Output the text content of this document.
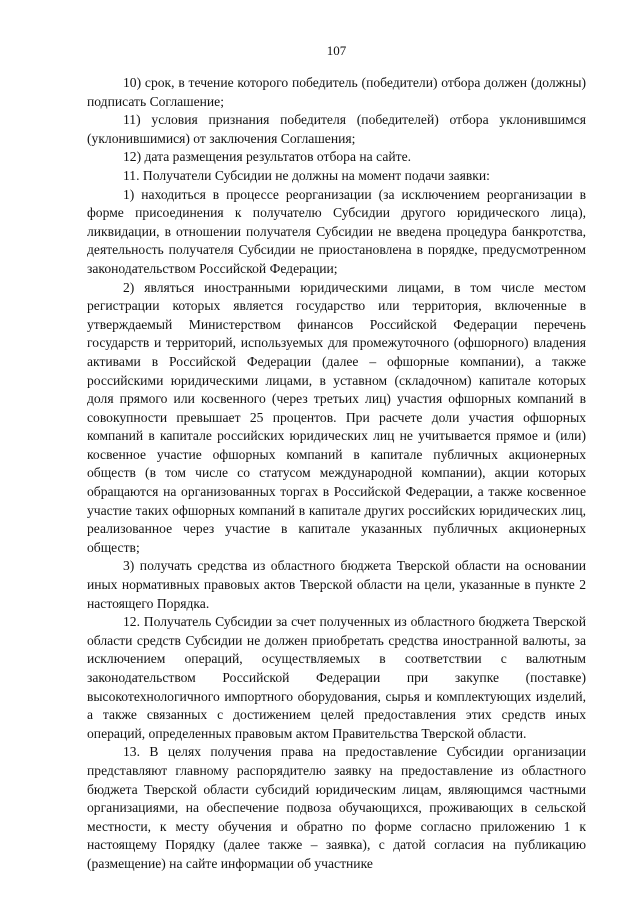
107

10) срок, в течение которого победитель (победители) отбора должен (должны) подписать Соглашение;

11) условия признания победителя (победителей) отбора уклонившимся (уклонившимися) от заключения Соглашения;

12) дата размещения результатов отбора на сайте.

11. Получатели Субсидии не должны на момент подачи заявки:

1) находиться в процессе реорганизации (за исключением реорганизации в форме присоединения к получателю Субсидии другого юридического лица), ликвидации, в отношении получателя Субсидии не введена процедура банкротства, деятельность получателя Субсидии не приостановлена в порядке, предусмотренном законодательством Российской Федерации;

2) являться иностранными юридическими лицами, в том числе местом регистрации которых является государство или территория, включенные в утверждаемый Министерством финансов Российской Федерации перечень государств и территорий, используемых для промежуточного (офшорного) владения активами в Российской Федерации (далее – офшорные компании), а также российскими юридическими лицами, в уставном (складочном) капитале которых доля прямого или косвенного (через третьих лиц) участия офшорных компаний в совокупности превышает 25 процентов. При расчете доли участия офшорных компаний в капитале российских юридических лиц не учитывается прямое и (или) косвенное участие офшорных компаний в капитале публичных акционерных обществ (в том числе со статусом международной компании), акции которых обращаются на организованных торгах в Российской Федерации, а также косвенное участие таких офшорных компаний в капитале других российских юридических лиц, реализованное через участие в капитале указанных публичных акционерных обществ;

3) получать средства из областного бюджета Тверской области на основании иных нормативных правовых актов Тверской области на цели, указанные в пункте 2 настоящего Порядка.

12. Получатель Субсидии за счет полученных из областного бюджета Тверской области средств Субсидии не должен приобретать средства иностранной валюты, за исключением операций, осуществляемых в соответствии с валютным законодательством Российской Федерации при закупке (поставке) высокотехнологичного импортного оборудования, сырья и комплектующих изделий, а также связанных с достижением целей предоставления этих средств иных операций, определенных правовым актом Правительства Тверской области.

13. В целях получения права на предоставление Субсидии организации представляют главному распорядителю заявку на предоставление из областного бюджета Тверской области субсидий юридическим лицам, являющимся частными организациями, на обеспечение подвоза обучающихся, проживающих в сельской местности, к месту обучения и обратно по форме согласно приложению 1 к настоящему Порядку (далее также – заявка), с датой согласия на публикацию (размещение) на сайте информации об участнике
